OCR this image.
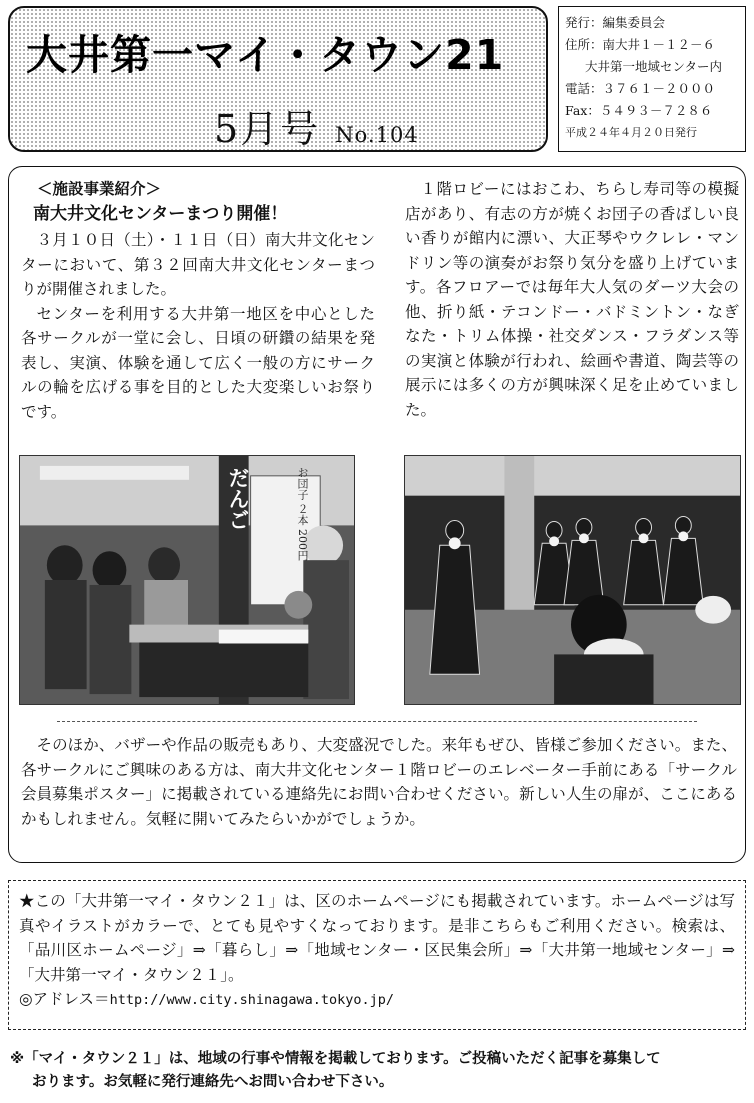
大井第一マイ・タウン21
5月号 No.104
発行：編集委員会
住所：南大井１－１２－６
大井第一地域センター内
電話：３７６１－２０００
Fax：５４９３－７２８６
平成２４年４月２０日発行
＜施設事業紹介＞
南大井文化センターまつり開催！

３月１０日（土）・１１日（日）南大井文化センターにおいて、第３２回南大井文化センターまつりが開催されました。

センターを利用する大井第一地区を中心とした各サークルが一堂に会し、日頃の研鑽の結果を発表し、実演、体験を通して広く一般の方にサークルの輪を広げる事を目的とした大変楽しいお祭りです。

１階ロビーにはおこわ、ちらし寿司等の模擬店があり、有志の方が焼くお団子の香ばしい良い香りが館内に漂い、大正琴やウクレレ・マンドリン等の演奏がお祭り気分を盛り上げています。各フロアーでは毎年大人気のダーツ大会の他、折り紙・テコンドー・バドミントン・なぎなた・トリム体操・社交ダンス・フラダンス等の実演と体験が行われ、絵画や書道、陶芸等の展示には多くの方が興味深く足を止めていました。

だんご	お団子 ２本 200円

そのほか、バザーや作品の販売もあり、大変盛況でした。来年もぜひ、皆様ご参加ください。また、各サークルにご興味のある方は、南大井文化センター１階ロビーのエレベーター手前にある「サークル会員募集ポスター」に掲載されている連絡先にお問い合わせください。新しい人生の扉が、ここにあるかもしれません。気軽に開いてみたらいかがでしょうか。

★この「大井第一マイ・タウン２１」は、区のホームページにも掲載されています。ホームページは写真やイラストがカラーで、とても見やすくなっております。是非こちらもご利用ください。検索は、「品川区ホームページ」⇒「暮らし」⇒「地域センター・区民集会所」⇒「大井第一地域センター」⇒「大井第一マイ・タウン２１」。
◎アドレス＝http://www.city.shinagawa.tokyo.jp/
※「マイ・タウン２１」は、地域の行事や情報を掲載しております。ご投稿いただく記事を募集して
おります。お気軽に発行連絡先へお問い合わせ下さい。
